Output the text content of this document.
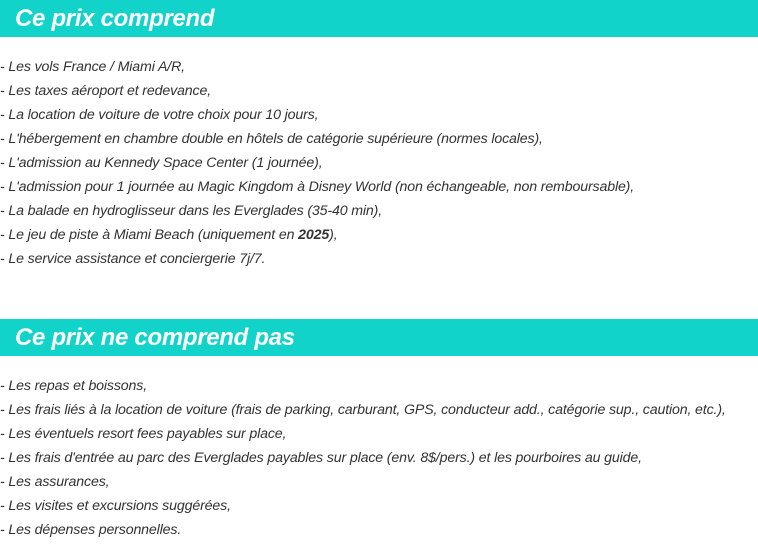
Ce prix comprend
- Les vols France / Miami A/R,
- Les taxes aéroport et redevance,
- La location de voiture de votre choix pour 10 jours,
- L'hébergement en chambre double en hôtels de catégorie supérieure (normes locales),
- L'admission au Kennedy Space Center (1 journée),
- L'admission pour 1 journée au Magic Kingdom à Disney World (non échangeable, non remboursable),
- La balade en hydroglisseur dans les Everglades (35-40 min),
- Le jeu de piste à Miami Beach (uniquement en 2025),
- Le service assistance et conciergerie 7j/7.
Ce prix ne comprend pas
- Les repas et boissons,
- Les frais liés à la location de voiture (frais de parking, carburant, GPS, conducteur add., catégorie sup., caution, etc.),
- Les éventuels resort fees payables sur place,
- Les frais d'entrée au parc des Everglades payables sur place (env. 8$/pers.) et les pourboires au guide,
- Les assurances,
- Les visites et excursions suggérées,
- Les dépenses personnelles.
